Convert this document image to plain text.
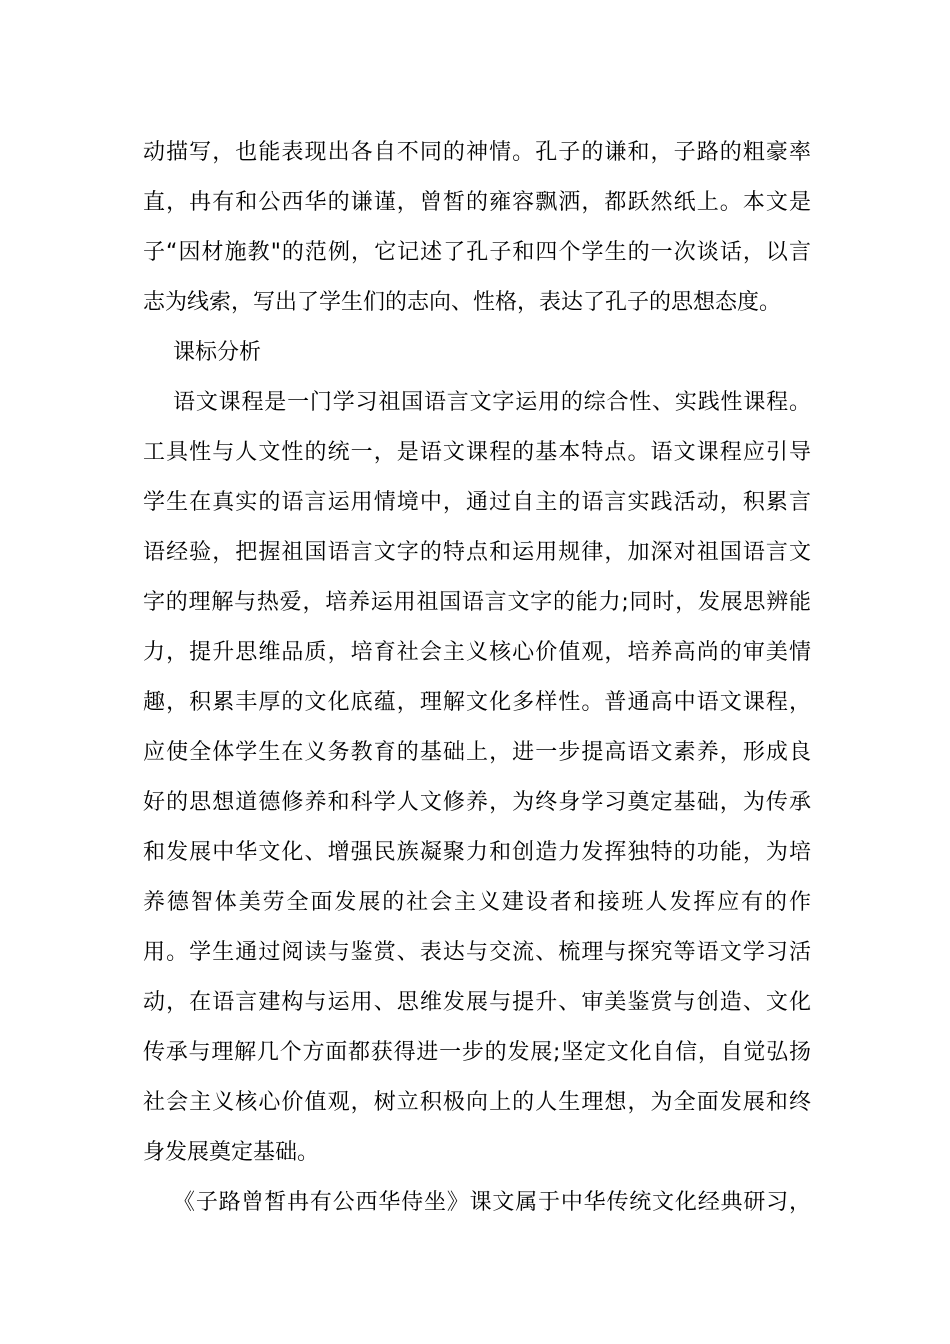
动描写，也能表现出各自不同的神情。孔子的谦和，子路的粗豪率
直，冉有和公西华的谦谨，曾皙的雍容飘洒，都跃然纸上。本文是
子“因材施教"的范例，它记述了孔子和四个学生的一次谈话，以言
志为线索，写出了学生们的志向、性格，表达了孔子的思想态度。
课标分析
语文课程是一门学习祖国语言文字运用的综合性、实践性课程。
工具性与人文性的统一，是语文课程的基本特点。语文课程应引导
学生在真实的语言运用情境中，通过自主的语言实践活动，积累言
语经验，把握祖国语言文字的特点和运用规律，加深对祖国语言文
字的理解与热爱，培养运用祖国语言文字的能力;同时，发展思辨能
力，提升思维品质，培育社会主义核心价值观，培养高尚的审美情
趣，积累丰厚的文化底蕴，理解文化多样性。普通高中语文课程，
应使全体学生在义务教育的基础上，进一步提高语文素养，形成良
好的思想道德修养和科学人文修养，为终身学习奠定基础，为传承
和发展中华文化、增强民族凝聚力和创造力发挥独特的功能，为培
养德智体美劳全面发展的社会主义建设者和接班人发挥应有的作
用。学生通过阅读与鉴赏、表达与交流、梳理与探究等语文学习活
动，在语言建构与运用、思维发展与提升、审美鉴赏与创造、文化
传承与理解几个方面都获得进一步的发展;坚定文化自信，自觉弘扬
社会主义核心价值观，树立积极向上的人生理想，为全面发展和终
身发展奠定基础。
《子路曾皙冉有公西华侍坐》课文属于中华传统文化经典研习，
